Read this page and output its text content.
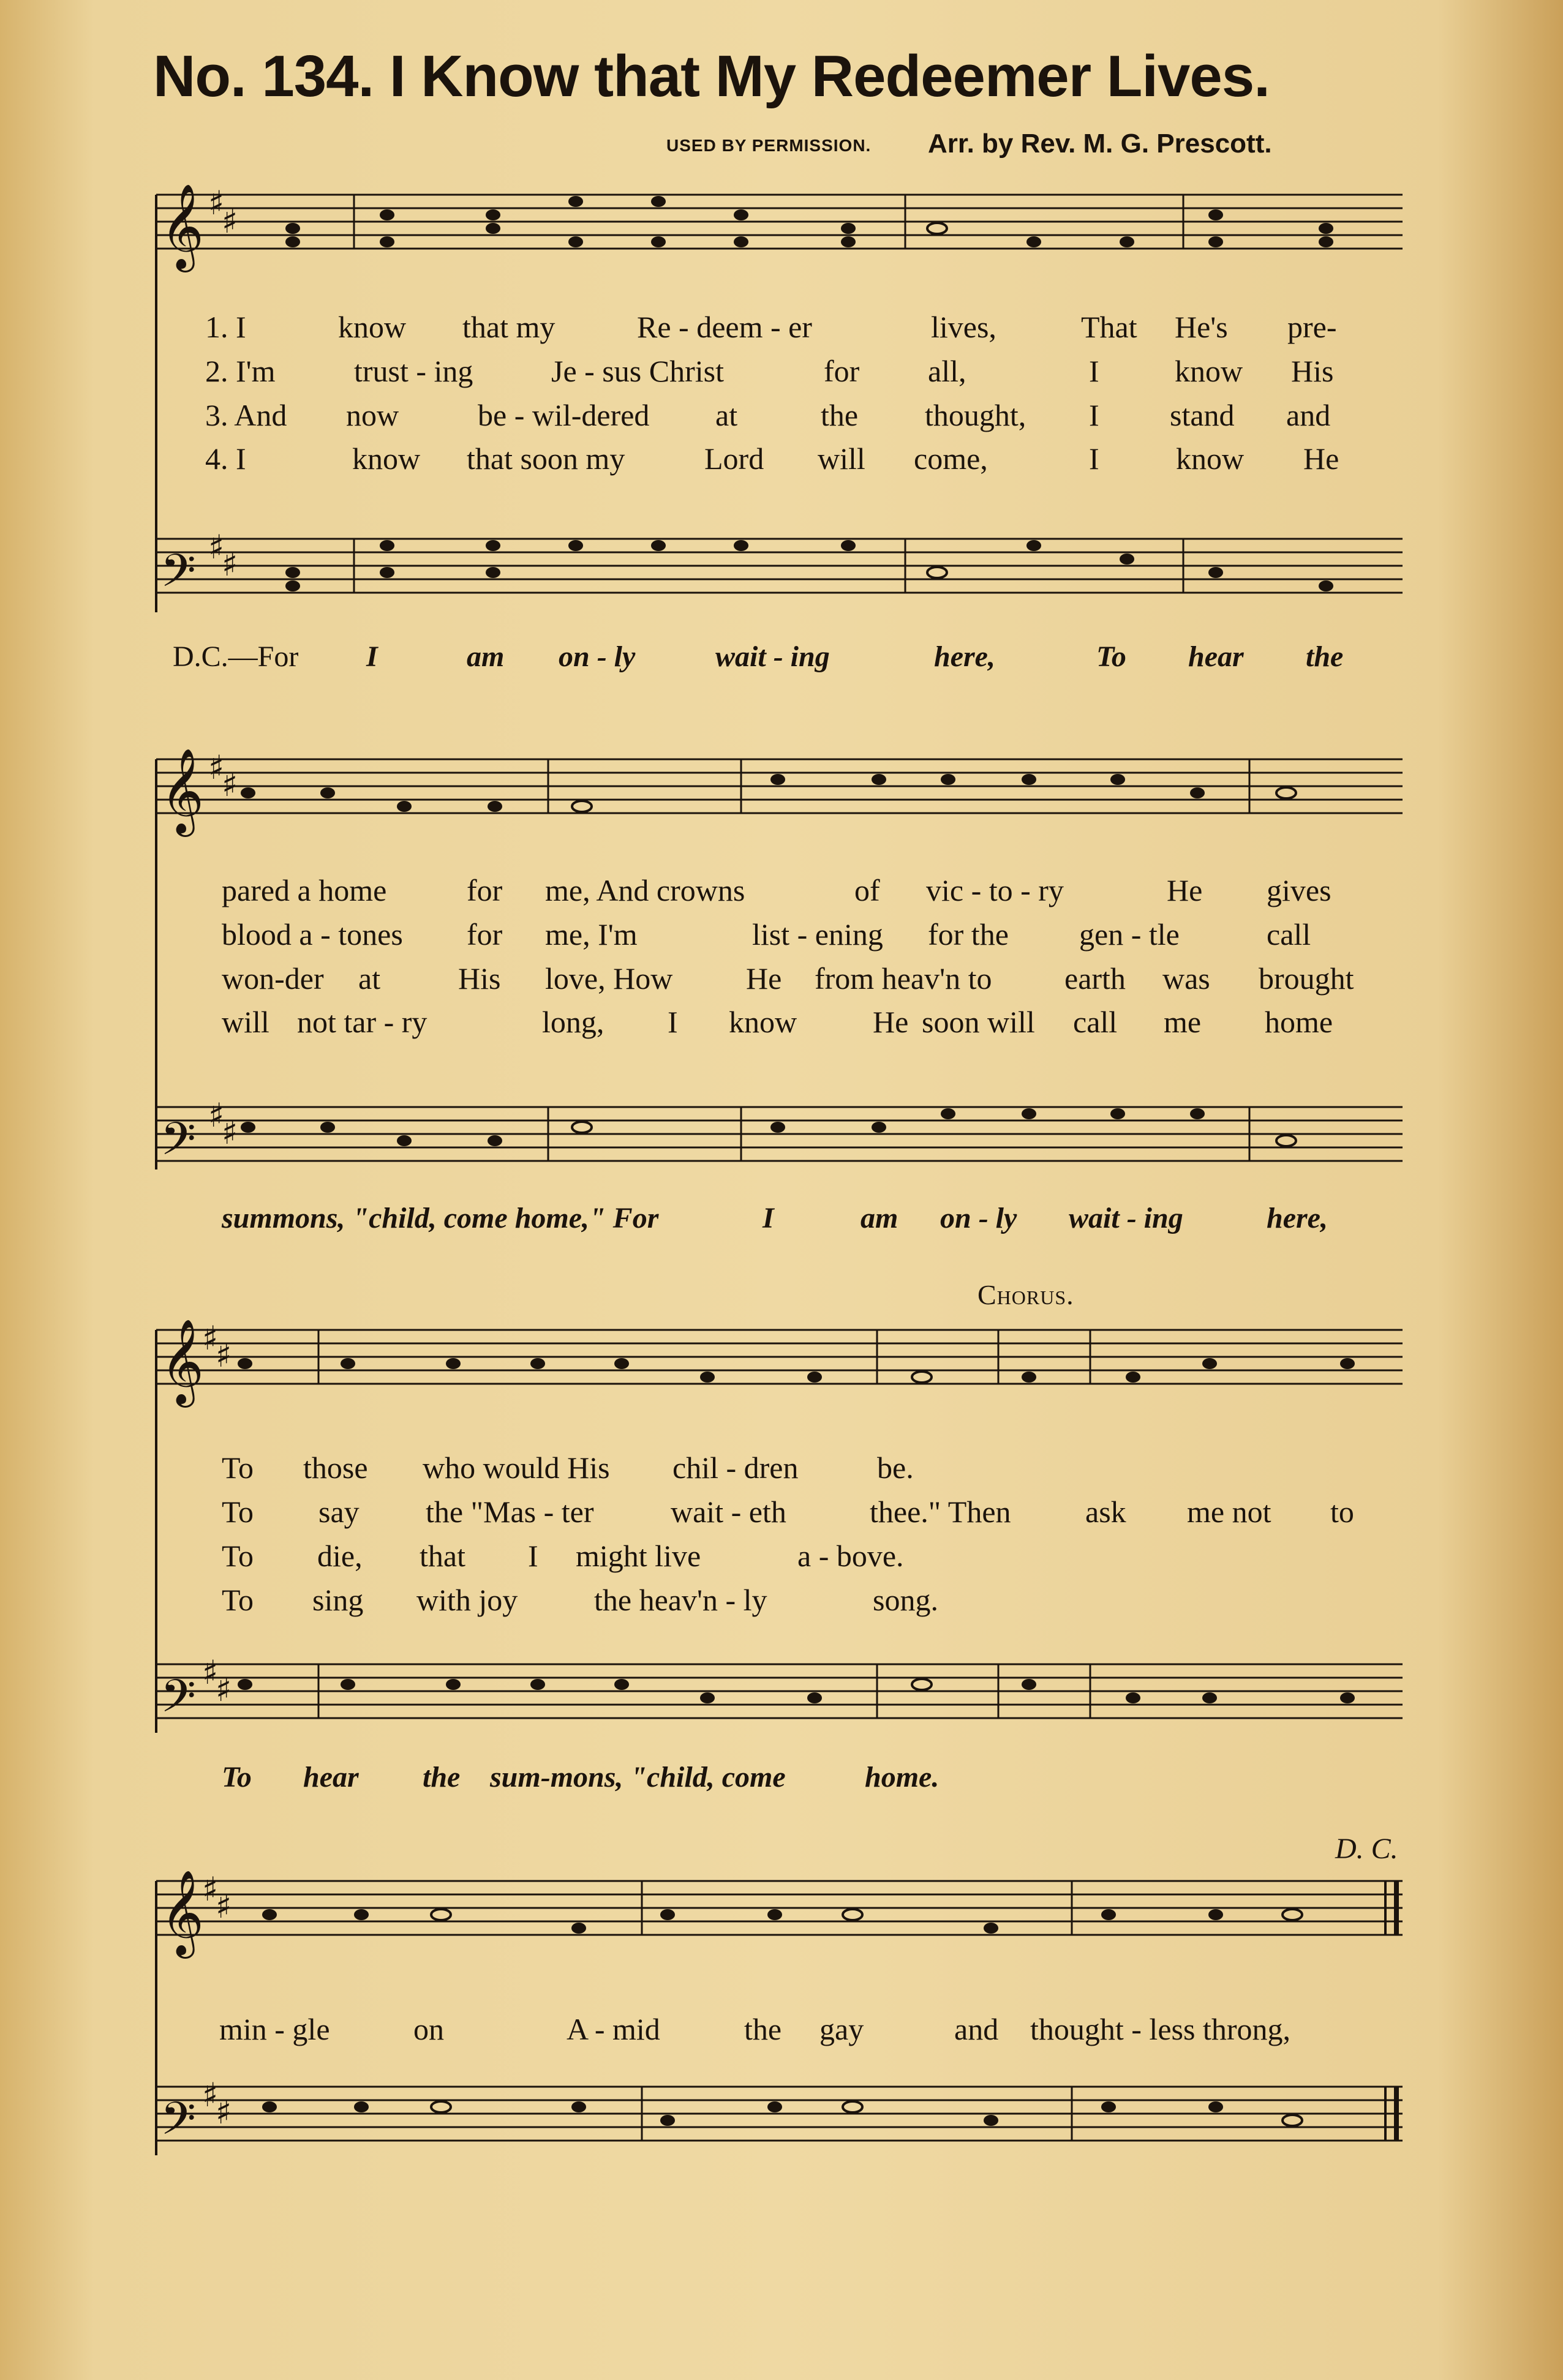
No. 134. I Know that My Redeemer Lives.
USED BY PERMISSION. Arr. by Rev. M. G. Prescott.
𝄞
𝄢
𝄞
𝄢
𝄞
𝄢
𝄞
𝄢
♯
♯
♯
♯
♯
♯
♯
♯
♯
♯
♯
♯
♯
♯
♯
♯
1. I	know that my	Re - deem - er	lives,	That He's pre-
2. I'm	trust - ing	Je - sus Christ	for all,	I know His
3. And now	be - wil-dered at	the thought, I stand and
4. I	know that soon my	Lord will come,	I	know He
D.C.—For I	am on - ly	wait - ing	here,	To hear the
pared a home	for me, And crowns	of vic - to - ry	He gives
blood a - tones for me, I'm	list - ening for the gen - tle	call
won-der at	His love, How He from heav'n to earth was brought
will not tar - ry	long, I know He soon will call me home
summons, "child, come home," For	I	am on - ly wait - ing	here,
Chorus.
To those who would His chil - dren	be.
To say the "Mas - ter	wait - eth	thee." Then ask me not to
To die, that I might live	a - bove.
To sing with joy the heav'n - ly	song.
To hear the sum-mons, "child, come	home.
D. C.
min - gle	on	A - mid	the gay	and thought - less throng,
